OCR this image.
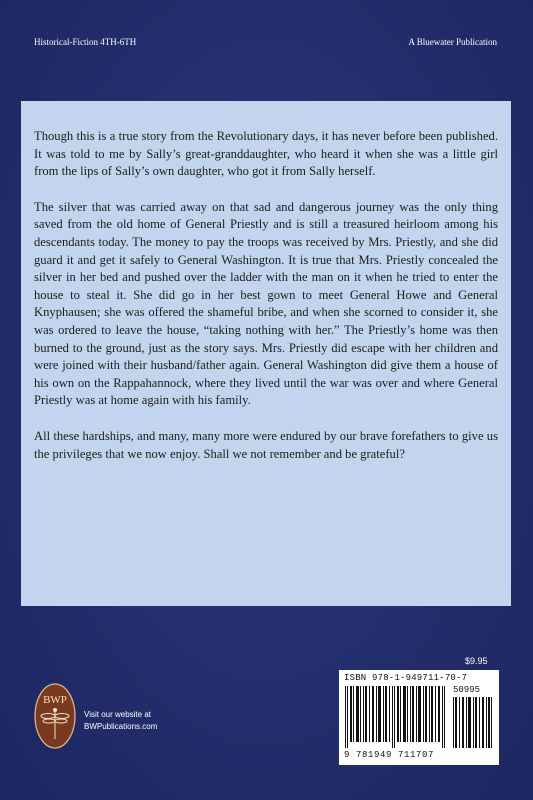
Historical-Fiction 4TH-6TH	A Bluewater Publication

Though this is a true story from the Revolutionary days, it has never before been published. It was told to me by Sally’s great-granddaughter, who heard it when she was a little girl from the lips of Sally’s own daughter, who got it from Sally herself.

The silver that was carried away on that sad and dangerous journey was the only thing saved from the old home of General Priestly and is still a treasured heirloom among his descendants today. The money to pay the troops was received by Mrs. Priestly, and she did guard it and get it safely to General Washington. It is true that Mrs. Priestly concealed the silver in her bed and pushed over the ladder with the man on it when he tried to enter the house to steal it. She did go in her best gown to meet General Howe and General Knyphausen; she was offered the shameful bribe, and when she scorned to consider it, she was ordered to leave the house, “taking nothing with her.” The Priestly’s home was then burned to the ground, just as the story says. Mrs. Priestly did escape with her children and were joined with their husband/father again. General Washington did give them a house of his own on the Rappahannock, where they lived until the war was over and where General Priestly was at home again with his family.

All these hardships, and many, many more were endured by our brave forefathers to give us the privileges that we now enjoy. Shall we not remember and be grateful?

$9.95
ISBN 978-1-949711-70-7
50995
9 781949 711707
BWP
Visit our website at
BWPublications.com
